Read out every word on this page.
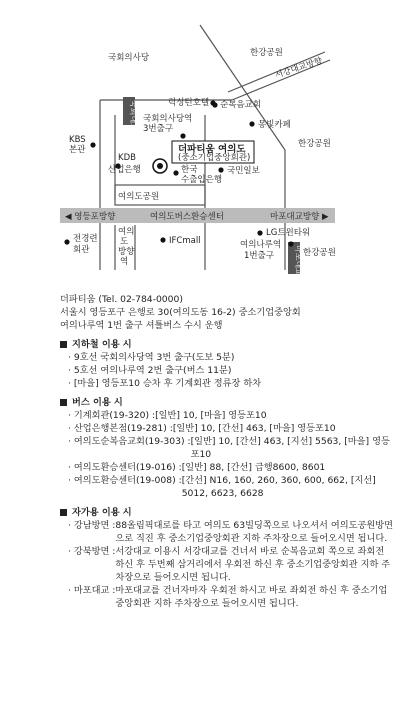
◀ 영등포방향	여의도버스환승센터	마포대교방향 ▶
국회대로
마포대교
더파티움 여의도
(중소기업중앙회관)
국회의사당	한강공원
서강대교방향
럭싱턴호텔 순복음교회
국회의사당역
3번출구	몽빛카페
한강공원
KBS
본관
KDB
산업은행	한국
수출입은행
국민일보
여의도공원
LG트윈타워
전경련
회관
여의
도
방향
역
IFCmall	여의나루역
1번출구	한강공원

더파티움 (Tel. 02-784-0000)

서울시 영등포구 은행로 30(여의도동 16-2) 중소기업중앙회

여의나루역 1번 출구 셔틀버스 수시 운행

지하철 이용 시
· 9호선 국회의사당역 3번 출구(도보 5분)
· 5호선 여의나루역 2번 출구(버스 11분)
· [마을] 영등포10 승차 후 기계회관 정류장 하차
버스 이용 시
· 기계회관(19-320) : [일반] 10, [마을] 영등포10
· 산업은행본점(19-281) : [일반] 10, [간선] 463, [마을] 영등포10
· 여의도순복음교회(19-303) : [일반] 10, [간선] 463, [지선] 5563, [마을] 영등포10
· 여의도환승센터(19-016) : [일반] 88, [간선] 급행8600, 8601
· 여의도환승센터(19-008) : [간선] N16, 160, 260, 360, 600, 662, [지선] 5012, 6623, 6628
자가용 이용 시
· 강남방면 : 88올림픽대로를 타고 여의도 63빌딩쪽으로 나오셔서 여의도공원방면으로 직진 후 중소기업중앙회관 지하 주차장으로 들어오시면 됩니다.
· 강북방면 : 서강대교 이용시 서강대교를 건너서 바로 순복음교회 쪽으로 좌회전 하신 후 두번째 삼거리에서 우회전 하신 후 중소기업중앙회관 지하 주차장으로 들어오시면 됩니다.
· 마포대교 : 마포대교를 건너자마자 우회전 하시고 바로 좌회전 하신 후 중소기업중앙회관 지하 주차장으로 들어오시면 됩니다.
